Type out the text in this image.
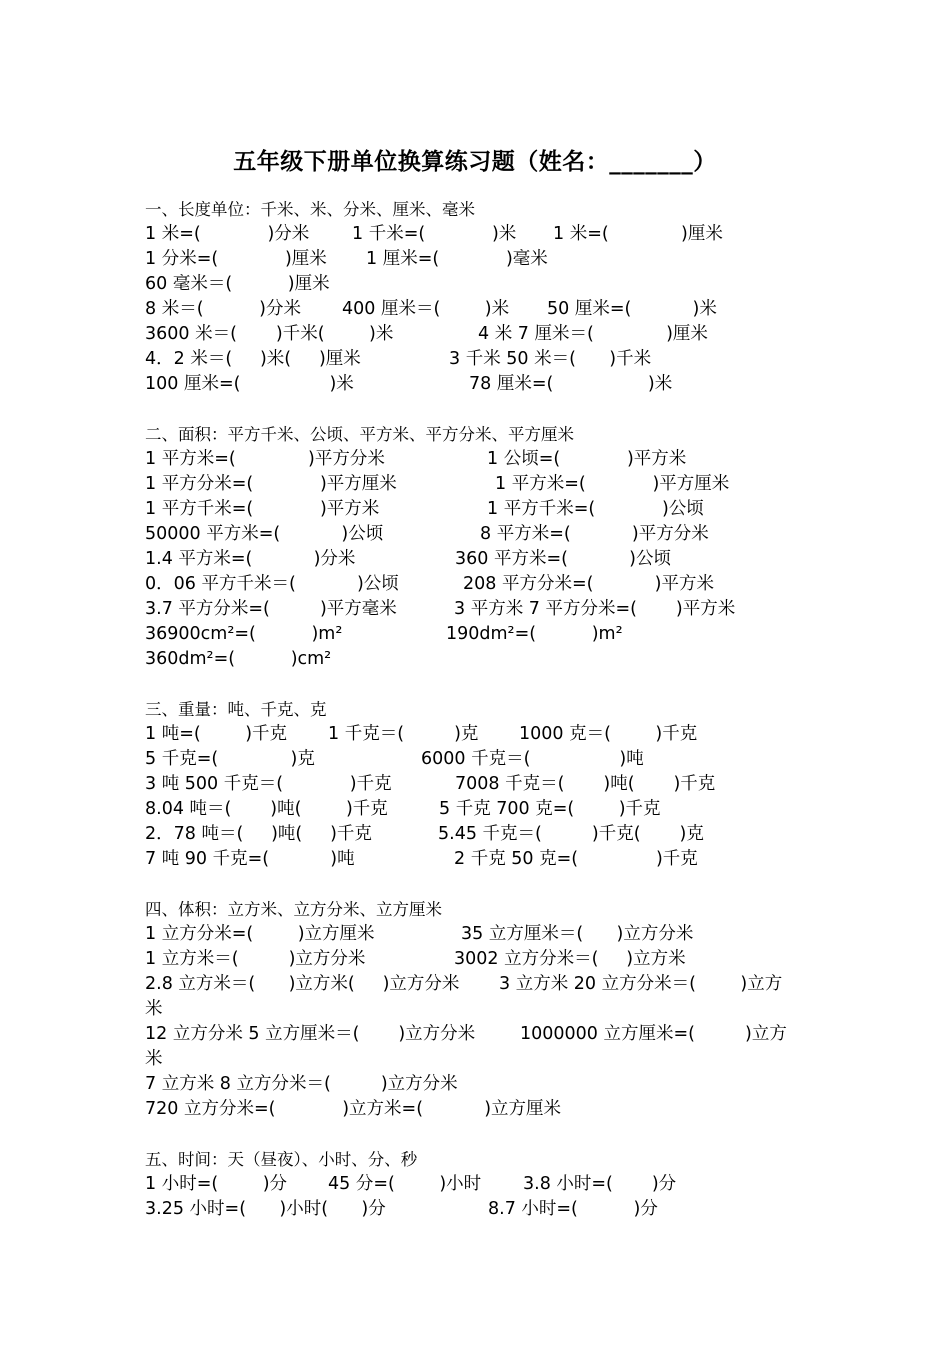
五年级下册单位换算练习题（姓名：_______）
一、长度单位：千米、米、分米、厘米、毫米

1 米=(            )分米

1 千米=(            )米

1 米=(             )厘米

1 分米=(            )厘米

1 厘米=(            )毫米

60 毫米＝(          )厘米

8 米＝(          )分米

400 厘米＝(        )米

50 厘米=(           )米

3600 米＝(       )千米(        )米

	4 米 7 厘米＝(             )厘米

4．2 米＝(     )米(     )厘米

	3 千米 50 米＝(      )千米

100 厘米=(                )米

	78 厘米=(                 )米

二、面积：平方千米、公顷、平方米、平方分米、平方厘米

1 平方米=(             )平方分米

	1 公顷=(            )平方米

1 平方分米=(            )平方厘米

	1 平方米=(            )平方厘米

1 平方千米=(            )平方米

	1 平方千米=(            )公顷

50000 平方米=(           )公顷

	8 平方米=(           )平方分米

1.4 平方米=(           )分米

	360 平方米=(           )公顷

0．06 平方千米＝(           )公顷

	208 平方分米=(           )平方米

3.7 平方分米=(         )平方毫米

	3 平方米 7 平方分米=(       )平方米

36900cm²=(          )m²

	190dm²=(          )m²

360dm²=(          )cm²

三、重量：吨、千克、克

1 吨=(        )千克

1 千克＝(         )克

1000 克＝(        )千克

5 千克=(             )克

	6000 千克＝(                )吨

3 吨 500 千克＝(            )千克

	7008 千克＝(       )吨(       )千克

8.04 吨＝(       )吨(        )千克

	5 千克 700 克=(        )千克

2．78 吨＝(     )吨(     )千克

	5.45 千克＝(         )千克(       )克

7 吨 90 千克=(           )吨

	2 千克 50 克=(              )千克

四、体积：立方米、立方分米、立方厘米

1 立方分米=(        )立方厘米

	35 立方厘米＝(      )立方分米

1 立方米＝(         )立方分米

	3002 立方分米＝(     )立方米

2.8 立方米＝(      )立方米(     )立方分米

3 立方米 20 立方分米＝(        )立方

米

12 立方分米 5 立方厘米＝(       )立方分米

	1000000 立方厘米=(         )立方

米

7 立方米 8 立方分米＝(         )立方分米

720 立方分米=(            )立方米=(           )立方厘米

五、时间：天（昼夜）、小时、分、秒

1 小时=(        )分

45 分=(        )小时

3.8 小时=(       )分

3.25 小时=(      )小时(      )分

	8.7 小时=(          )分
